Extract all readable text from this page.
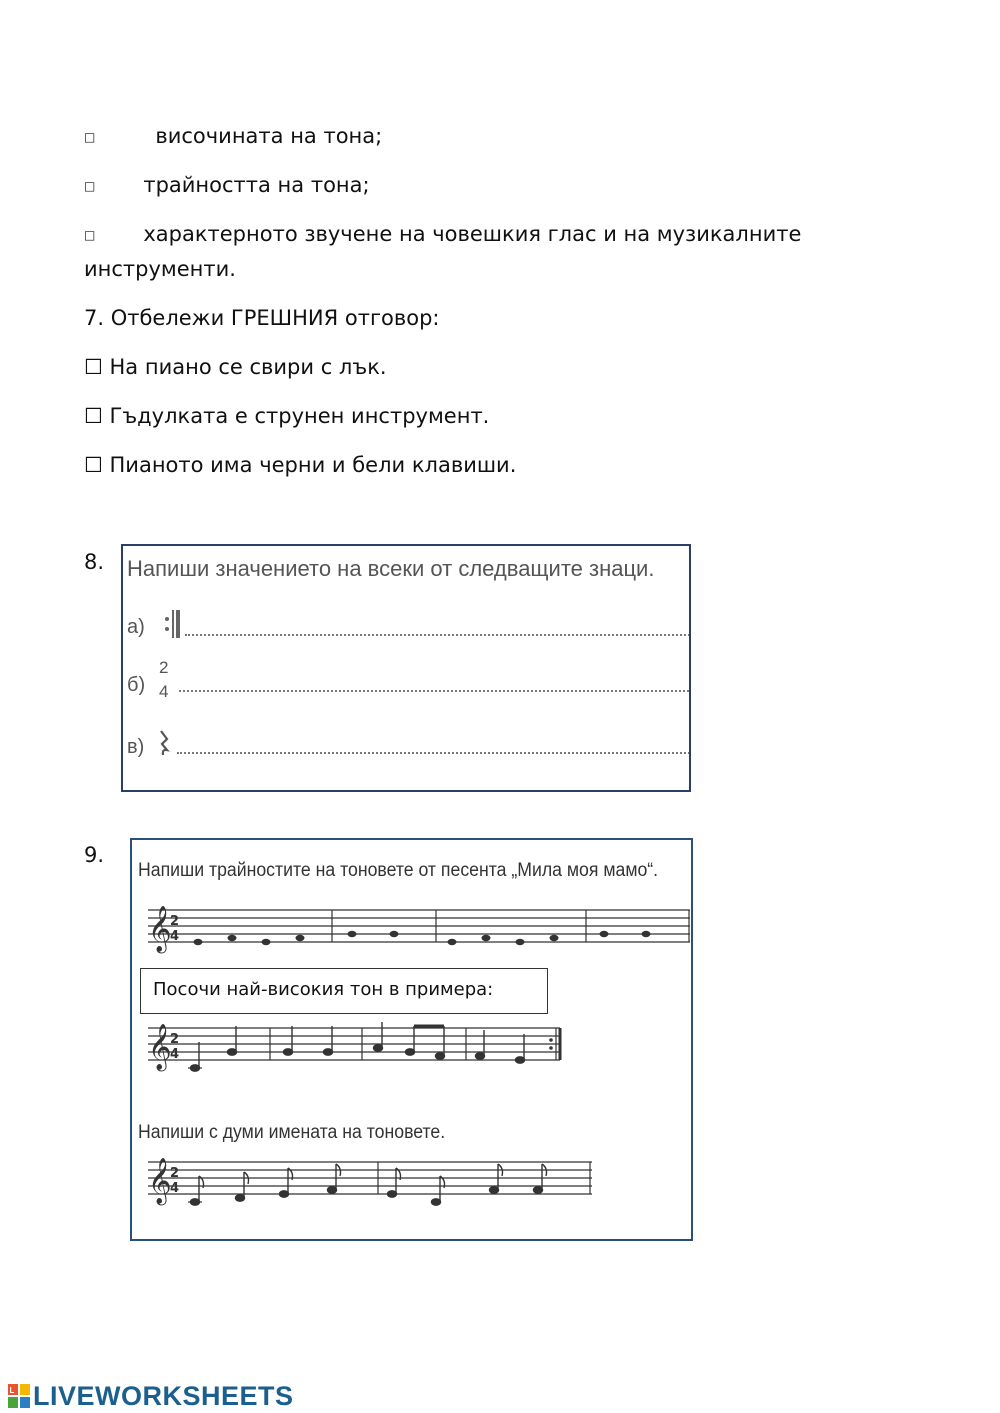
□	височината на тона;
□ трайността на тона;
□ характерното звучене на човешкия глас и на музикалните
инструменти.
7. Отбележи ГРЕШНИЯ отговор:
☐ На пиано се свири с лък.
☐ Гъдулката е струнен инструмент.
☐ Пианото има черни и бели клавиши.
8. Напиши значението на всеки от следващите знаци.
а)
б)
2
4
в)
9.
Напиши трайностите на тоновете от песента „Мила моя мамо“.
𝄞
2
4
𝄞
2
4
Посочи най-високия тон в примера:
Напиши с думи имената на тоновете.
𝄞
2
4
L LIVEWORKSHEETS
